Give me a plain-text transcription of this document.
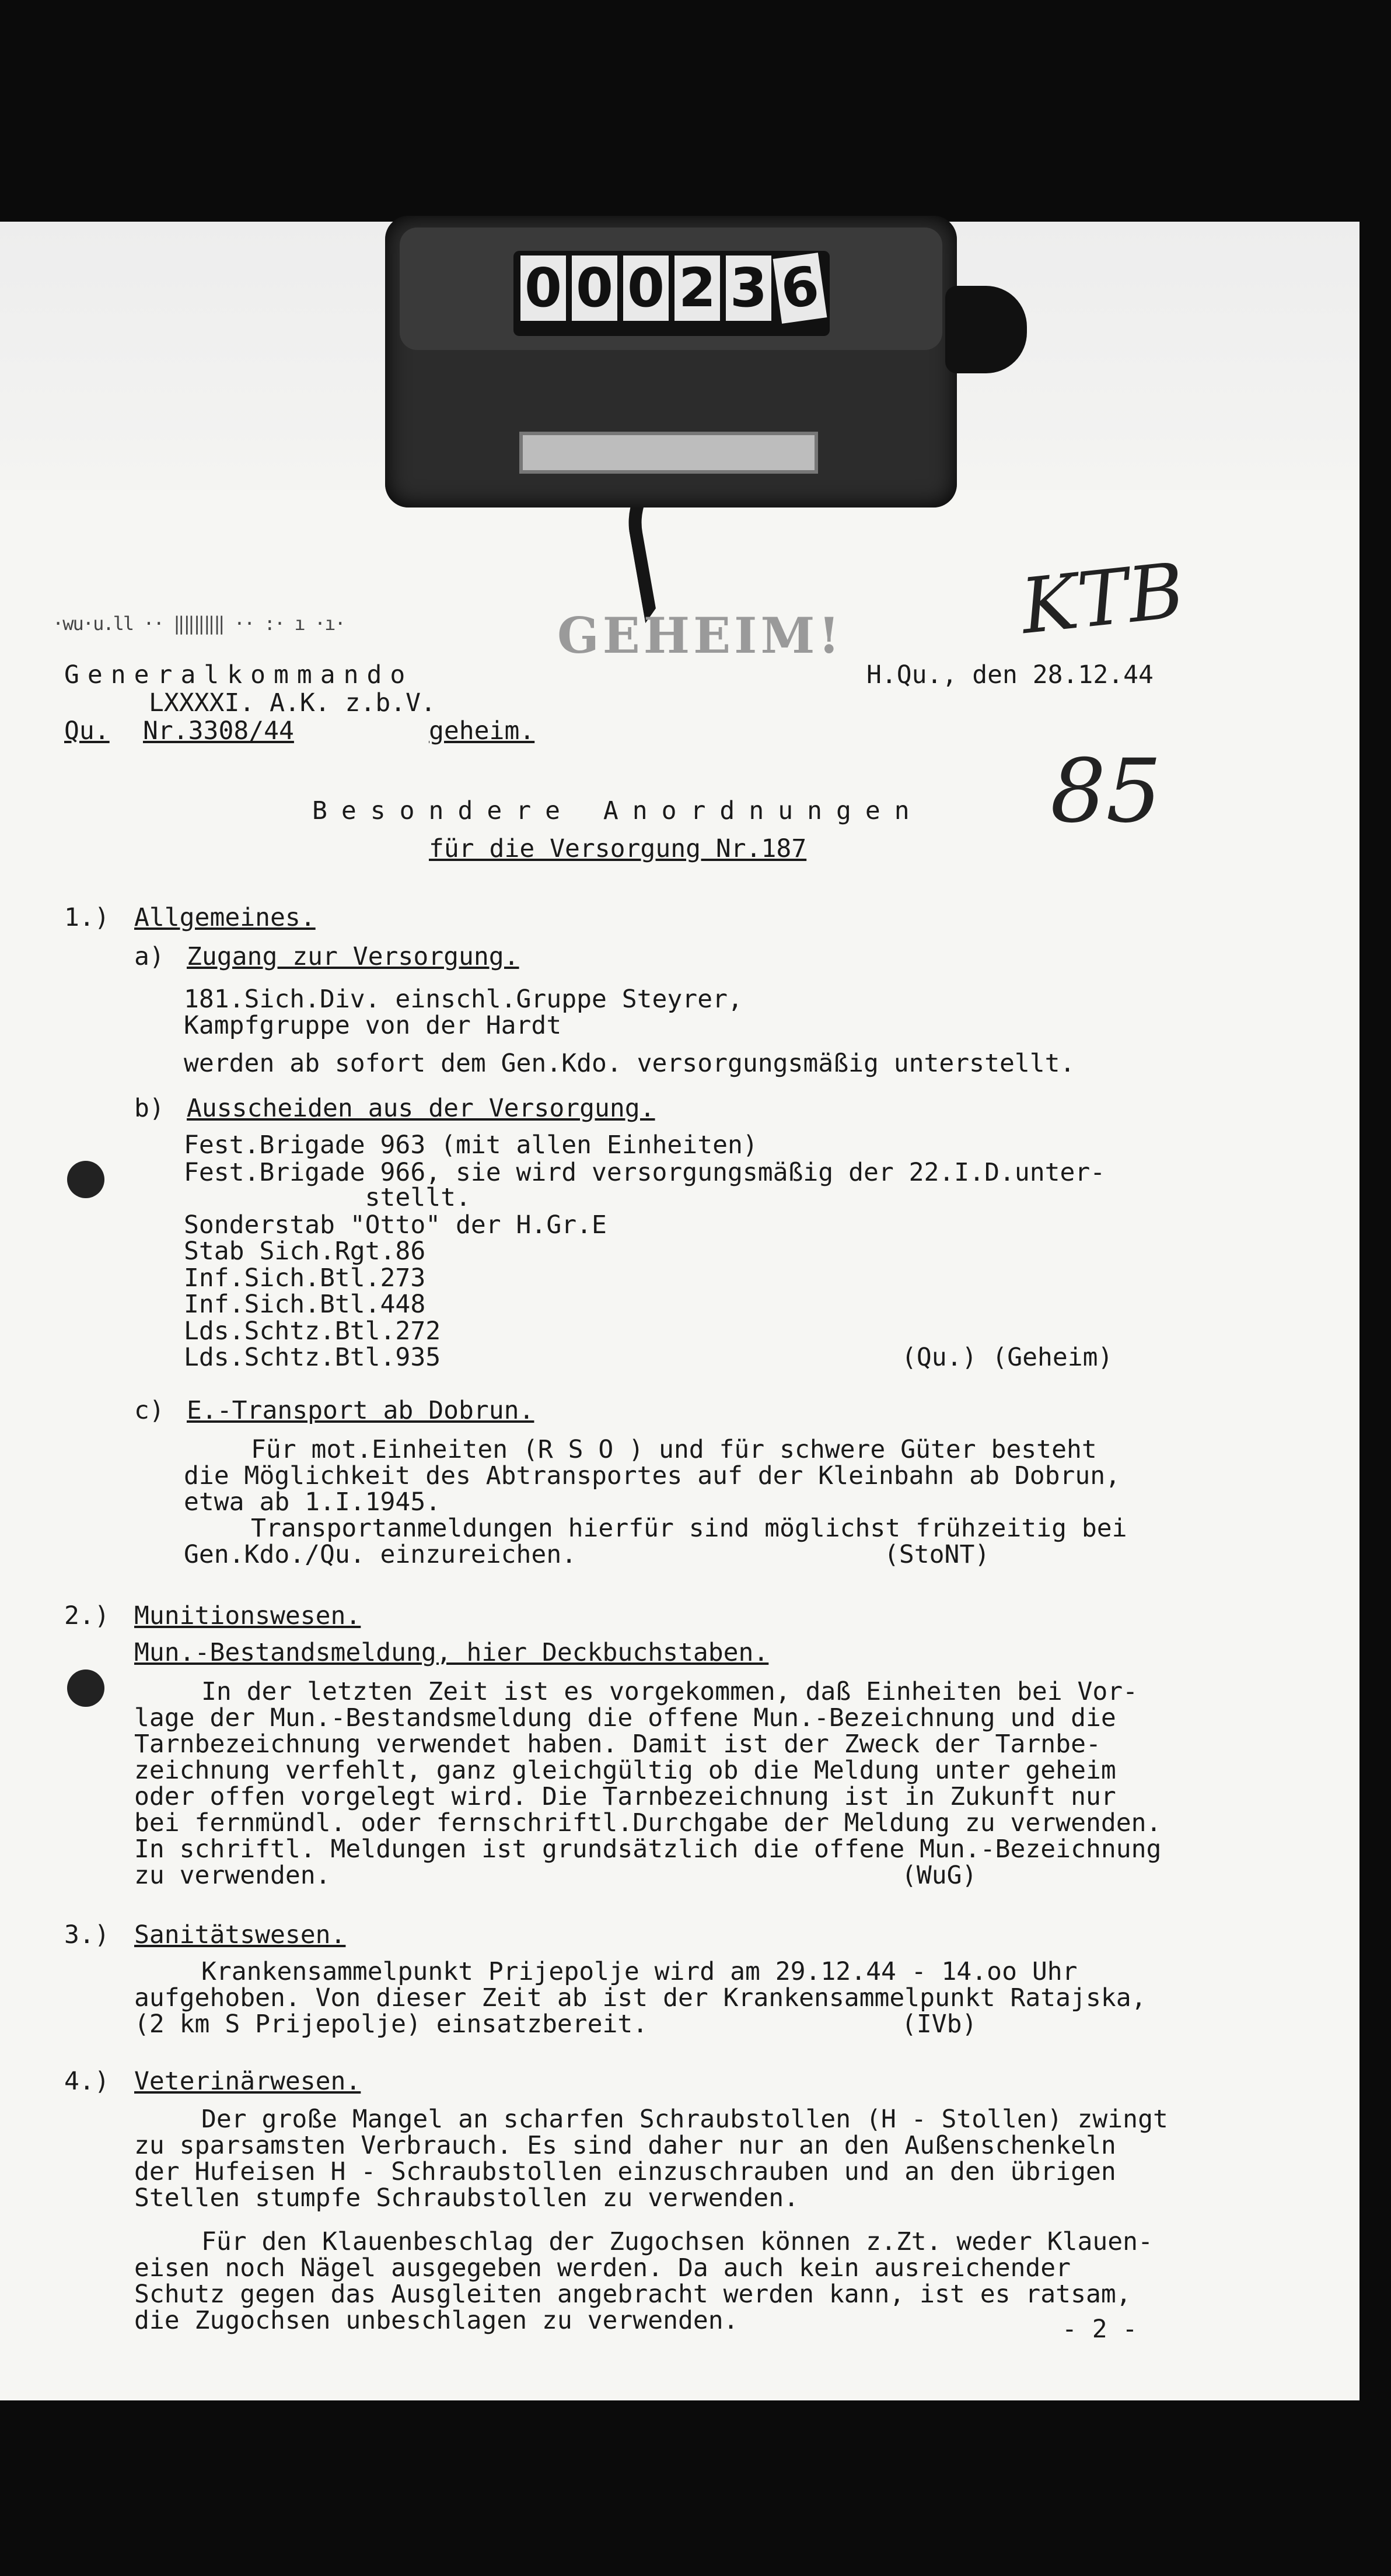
0 0 0 2 3 6
·wu·u.ll ·· ‖‖‖‖‖ ·· :· ı ·ı·	GEHEIM! KTB
85
Generalkommando
LXXXXI. A.K. z.b.V.
Qu. Nr.3308/44	geheim.
H.Qu., den 28.12.44
Besondere Anordnungen
für die Versorgung Nr.187
1.) Allgemeines.
a) Zugang zur Versorgung.
181.Sich.Div. einschl.Gruppe Steyrer,
Kampfgruppe von der Hardt
werden ab sofort dem Gen.Kdo. versorgungsmäßig unterstellt.
b) Ausscheiden aus der Versorgung.
Fest.Brigade 963 (mit allen Einheiten)
Fest.Brigade 966, sie wird versorgungsmäßig der 22.I.D.unter-
stellt.
Sonderstab "Otto" der H.Gr.E
Stab Sich.Rgt.86
Inf.Sich.Btl.273
Inf.Sich.Btl.448
Lds.Schtz.Btl.272
Lds.Schtz.Btl.935	(Qu.) (Geheim)
c) E.-Transport ab Dobrun.
Für mot.Einheiten (R S O ) und für schwere Güter besteht
die Möglichkeit des Abtransportes auf der Kleinbahn ab Dobrun,
etwa ab 1.I.1945.
Transportanmeldungen hierfür sind möglichst frühzeitig bei
Gen.Kdo./Qu. einzureichen.	(StoNT)
2.) Munitionswesen.
Mun.-Bestandsmeldung, hier Deckbuchstaben.
In der letzten Zeit ist es vorgekommen, daß Einheiten bei Vor-
lage der Mun.-Bestandsmeldung die offene Mun.-Bezeichnung und die
Tarnbezeichnung verwendet haben. Damit ist der Zweck der Tarnbe-
zeichnung verfehlt, ganz gleichgültig ob die Meldung unter geheim
oder offen vorgelegt wird. Die Tarnbezeichnung ist in Zukunft nur
bei fernmündl. oder fernschriftl.Durchgabe der Meldung zu verwenden.
In schriftl. Meldungen ist grundsätzlich die offene Mun.-Bezeichnung
zu verwenden.	(WuG)
3.) Sanitätswesen.
Krankensammelpunkt Prijepolje wird am 29.12.44 - 14.oo Uhr
aufgehoben. Von dieser Zeit ab ist der Krankensammelpunkt Ratajska,
(2 km S Prijepolje) einsatzbereit.	(IVb)
4.) Veterinärwesen.
Der große Mangel an scharfen Schraubstollen (H - Stollen) zwingt
zu sparsamsten Verbrauch. Es sind daher nur an den Außenschenkeln
der Hufeisen H - Schraubstollen einzuschrauben und an den übrigen
Stellen stumpfe Schraubstollen zu verwenden.
Für den Klauenbeschlag der Zugochsen können z.Zt. weder Klauen-
eisen noch Nägel ausgegeben werden. Da auch kein ausreichender
Schutz gegen das Ausgleiten angebracht werden kann, ist es ratsam,
die Zugochsen unbeschlagen zu verwenden.	- 2 -
